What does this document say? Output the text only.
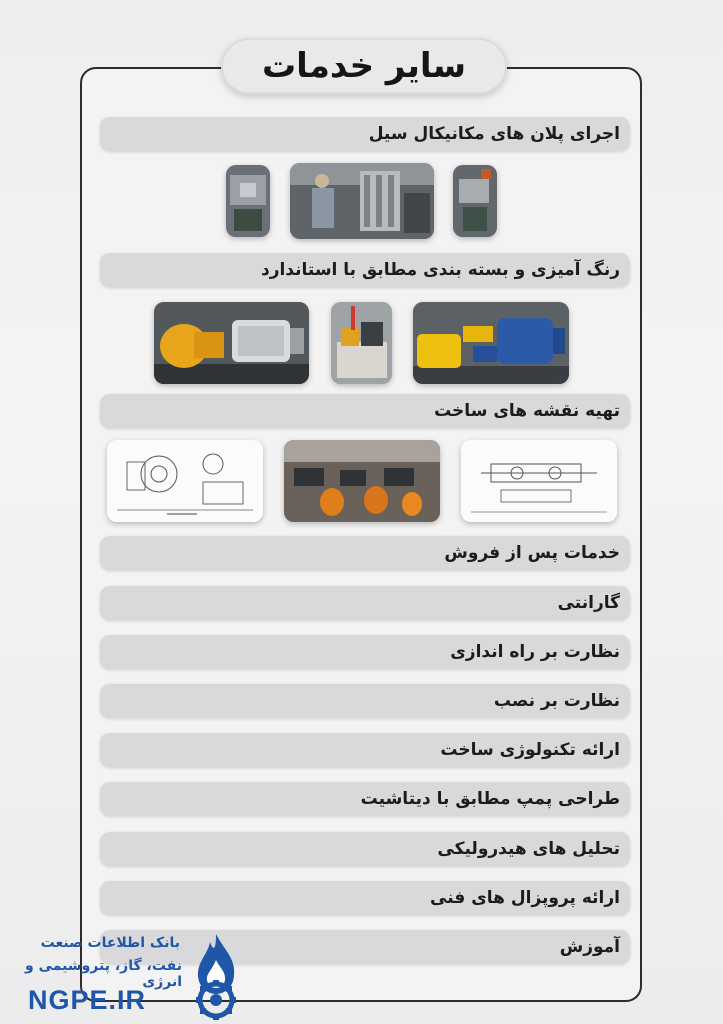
سایر خدمات
اجرای پلان های مکانیکال سیل
رنگ آمیزی و بسته بندی مطابق با استاندارد
تهیه نقشه های ساخت
خدمات پس از فروش
گارانتی
نظارت بر راه اندازی
نظارت بر نصب
ارائه تکنولوژی ساخت
طراحی پمپ مطابق با دیتاشیت
تحلیل های هیدرولیکی
ارائه پروپزال های فنی
آموزش
بانک اطلاعات صنعت
نفت، گاز، پتروشیمی و انرژی
NGPE.IR
